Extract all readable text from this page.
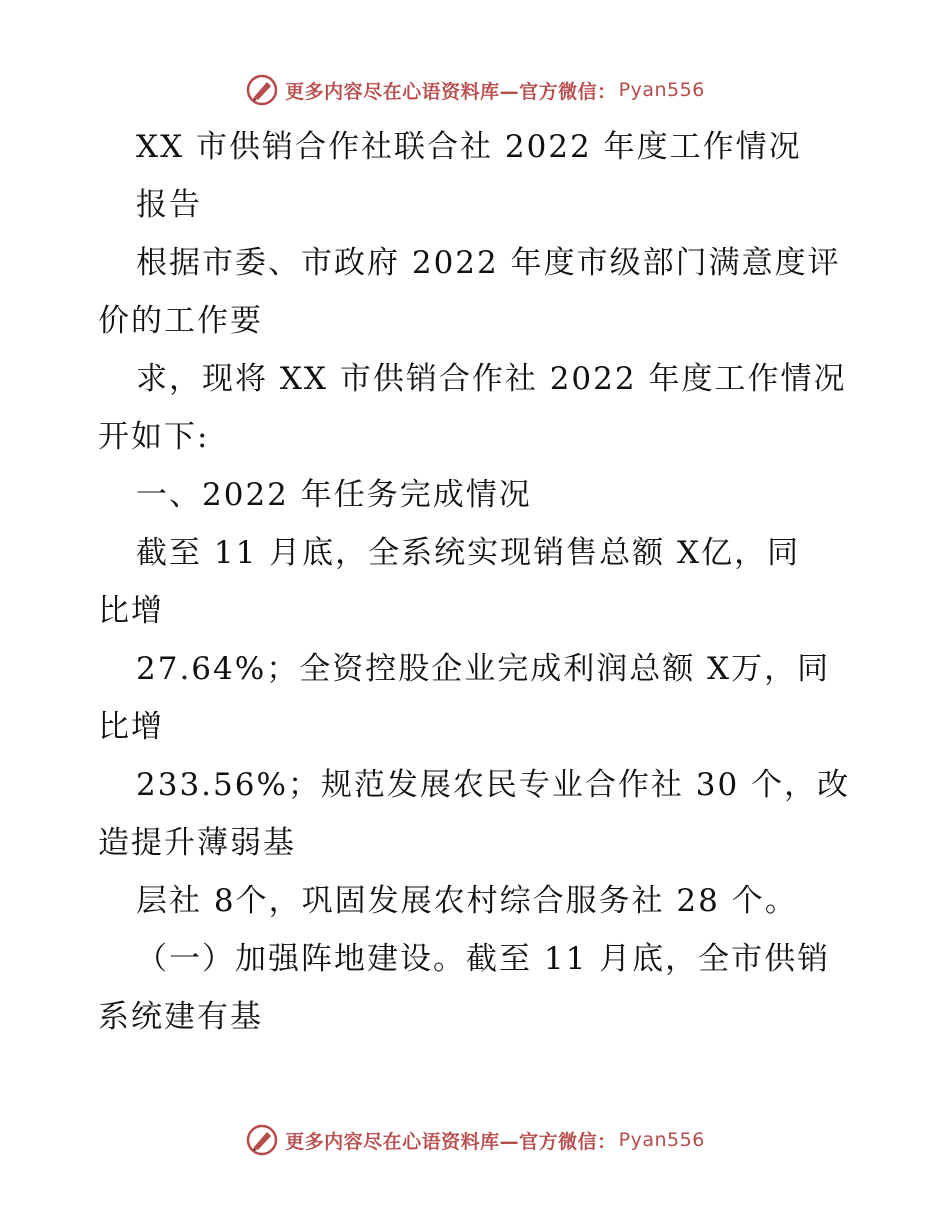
更多内容尽在心语资料库—官方微信： Pyan556
XX 市供销合作社联合社 2022 年度工作情况
报告
根据市委、市政府 2022 年度市级部门满意度评
价的工作要
求，现将 XX 市供销合作社 2022 年度工作情况
开如下:
一、2022 年任务完成情况
截至 11 月底，全系统实现销售总额 X亿，同
比增
27.64%；全资控股企业完成利润总额 X万，同
比增
233.56%；规范发展农民专业合作社 30 个，改
造提升薄弱基
层社 8个，巩固发展农村综合服务社 28 个。
（一）加强阵地建设。截至 11 月底，全市供销
系统建有基
更多内容尽在心语资料库—官方微信： Pyan556
